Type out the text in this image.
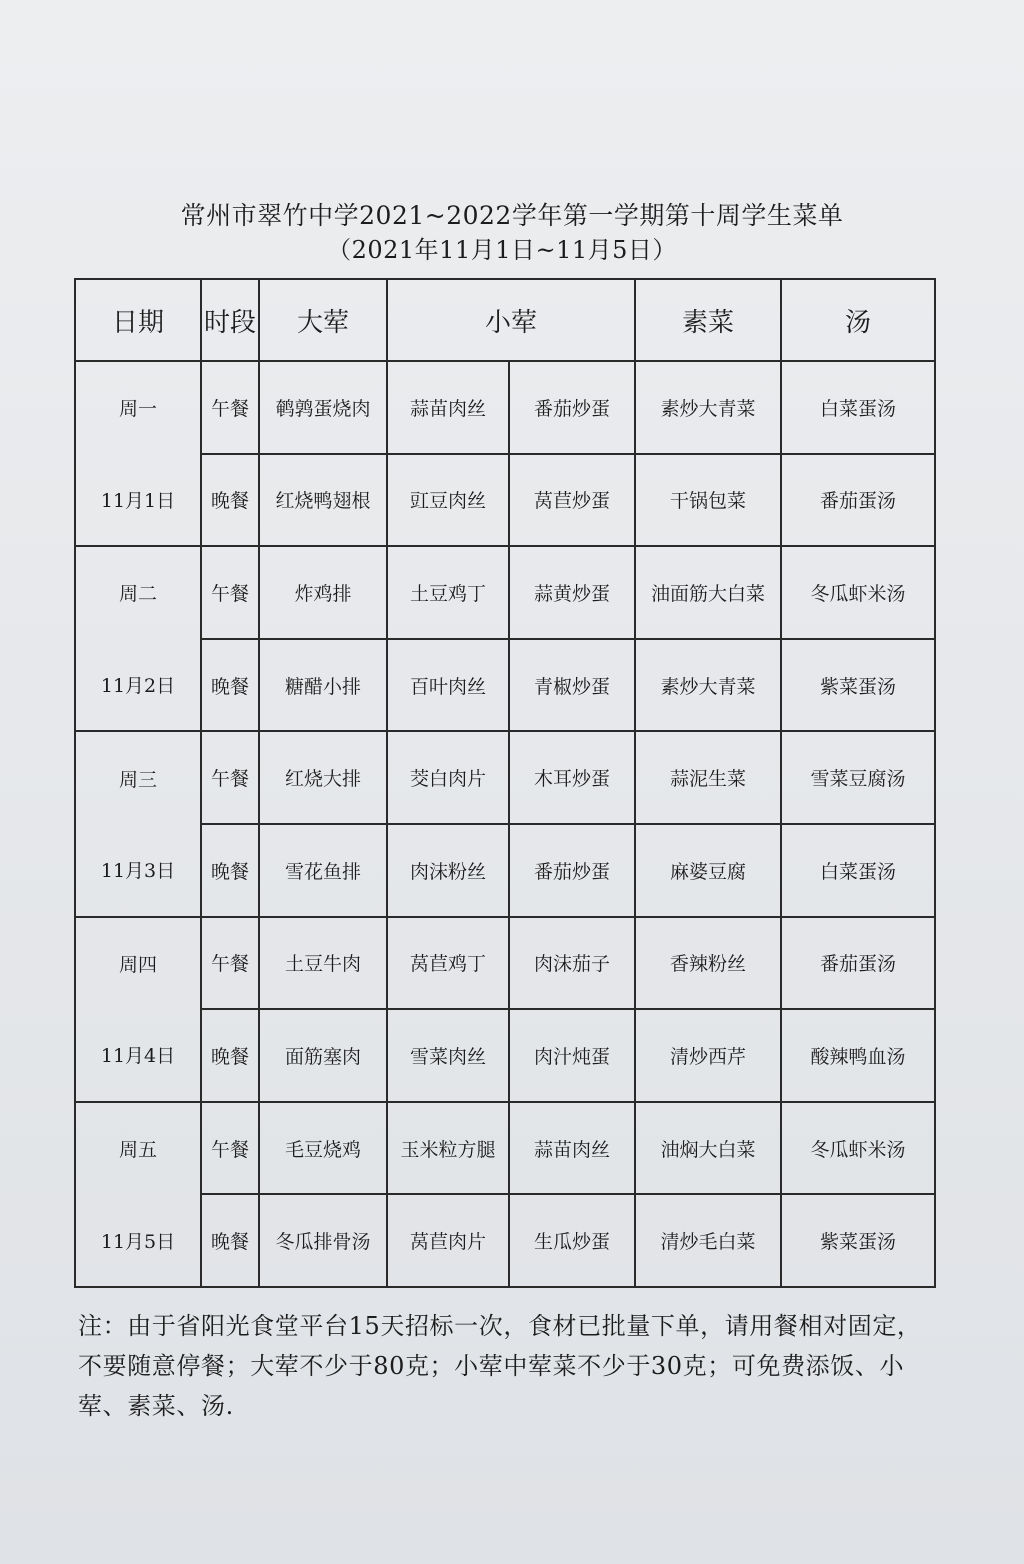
常州市翠竹中学2021~2022学年第一学期第十周学生菜单
（2021年11月1日~11月5日）
日期	时段	大荤	小荤		素菜	汤
周一	午餐	鹌鹑蛋烧肉	蒜苗肉丝	番茄炒蛋	素炒大青菜	白菜蛋汤
11月1日	晚餐	红烧鸭翅根	豇豆肉丝	莴苣炒蛋	干锅包菜	番茄蛋汤
周二	午餐	炸鸡排	土豆鸡丁	蒜黄炒蛋	油面筋大白菜	冬瓜虾米汤
11月2日	晚餐	糖醋小排	百叶肉丝	青椒炒蛋	素炒大青菜	紫菜蛋汤
周三	午餐	红烧大排	茭白肉片	木耳炒蛋	蒜泥生菜	雪菜豆腐汤
11月3日	晚餐	雪花鱼排	肉沫粉丝	番茄炒蛋	麻婆豆腐	白菜蛋汤
周四	午餐	土豆牛肉	莴苣鸡丁	肉沫茄子	香辣粉丝	番茄蛋汤
11月4日	晚餐	面筋塞肉	雪菜肉丝	肉汁炖蛋	清炒西芹	酸辣鸭血汤
周五	午餐	毛豆烧鸡	玉米粒方腿	蒜苗肉丝	油焖大白菜	冬瓜虾米汤
11月5日	晚餐	冬瓜排骨汤	莴苣肉片	生瓜炒蛋	清炒毛白菜	紫菜蛋汤
注：由于省阳光食堂平台15天招标一次，食材已批量下单，请用餐相对固定，不要随意停餐；大荤不少于80克；小荤中荤菜不少于30克；可免费添饭、小荤、素菜、汤.
